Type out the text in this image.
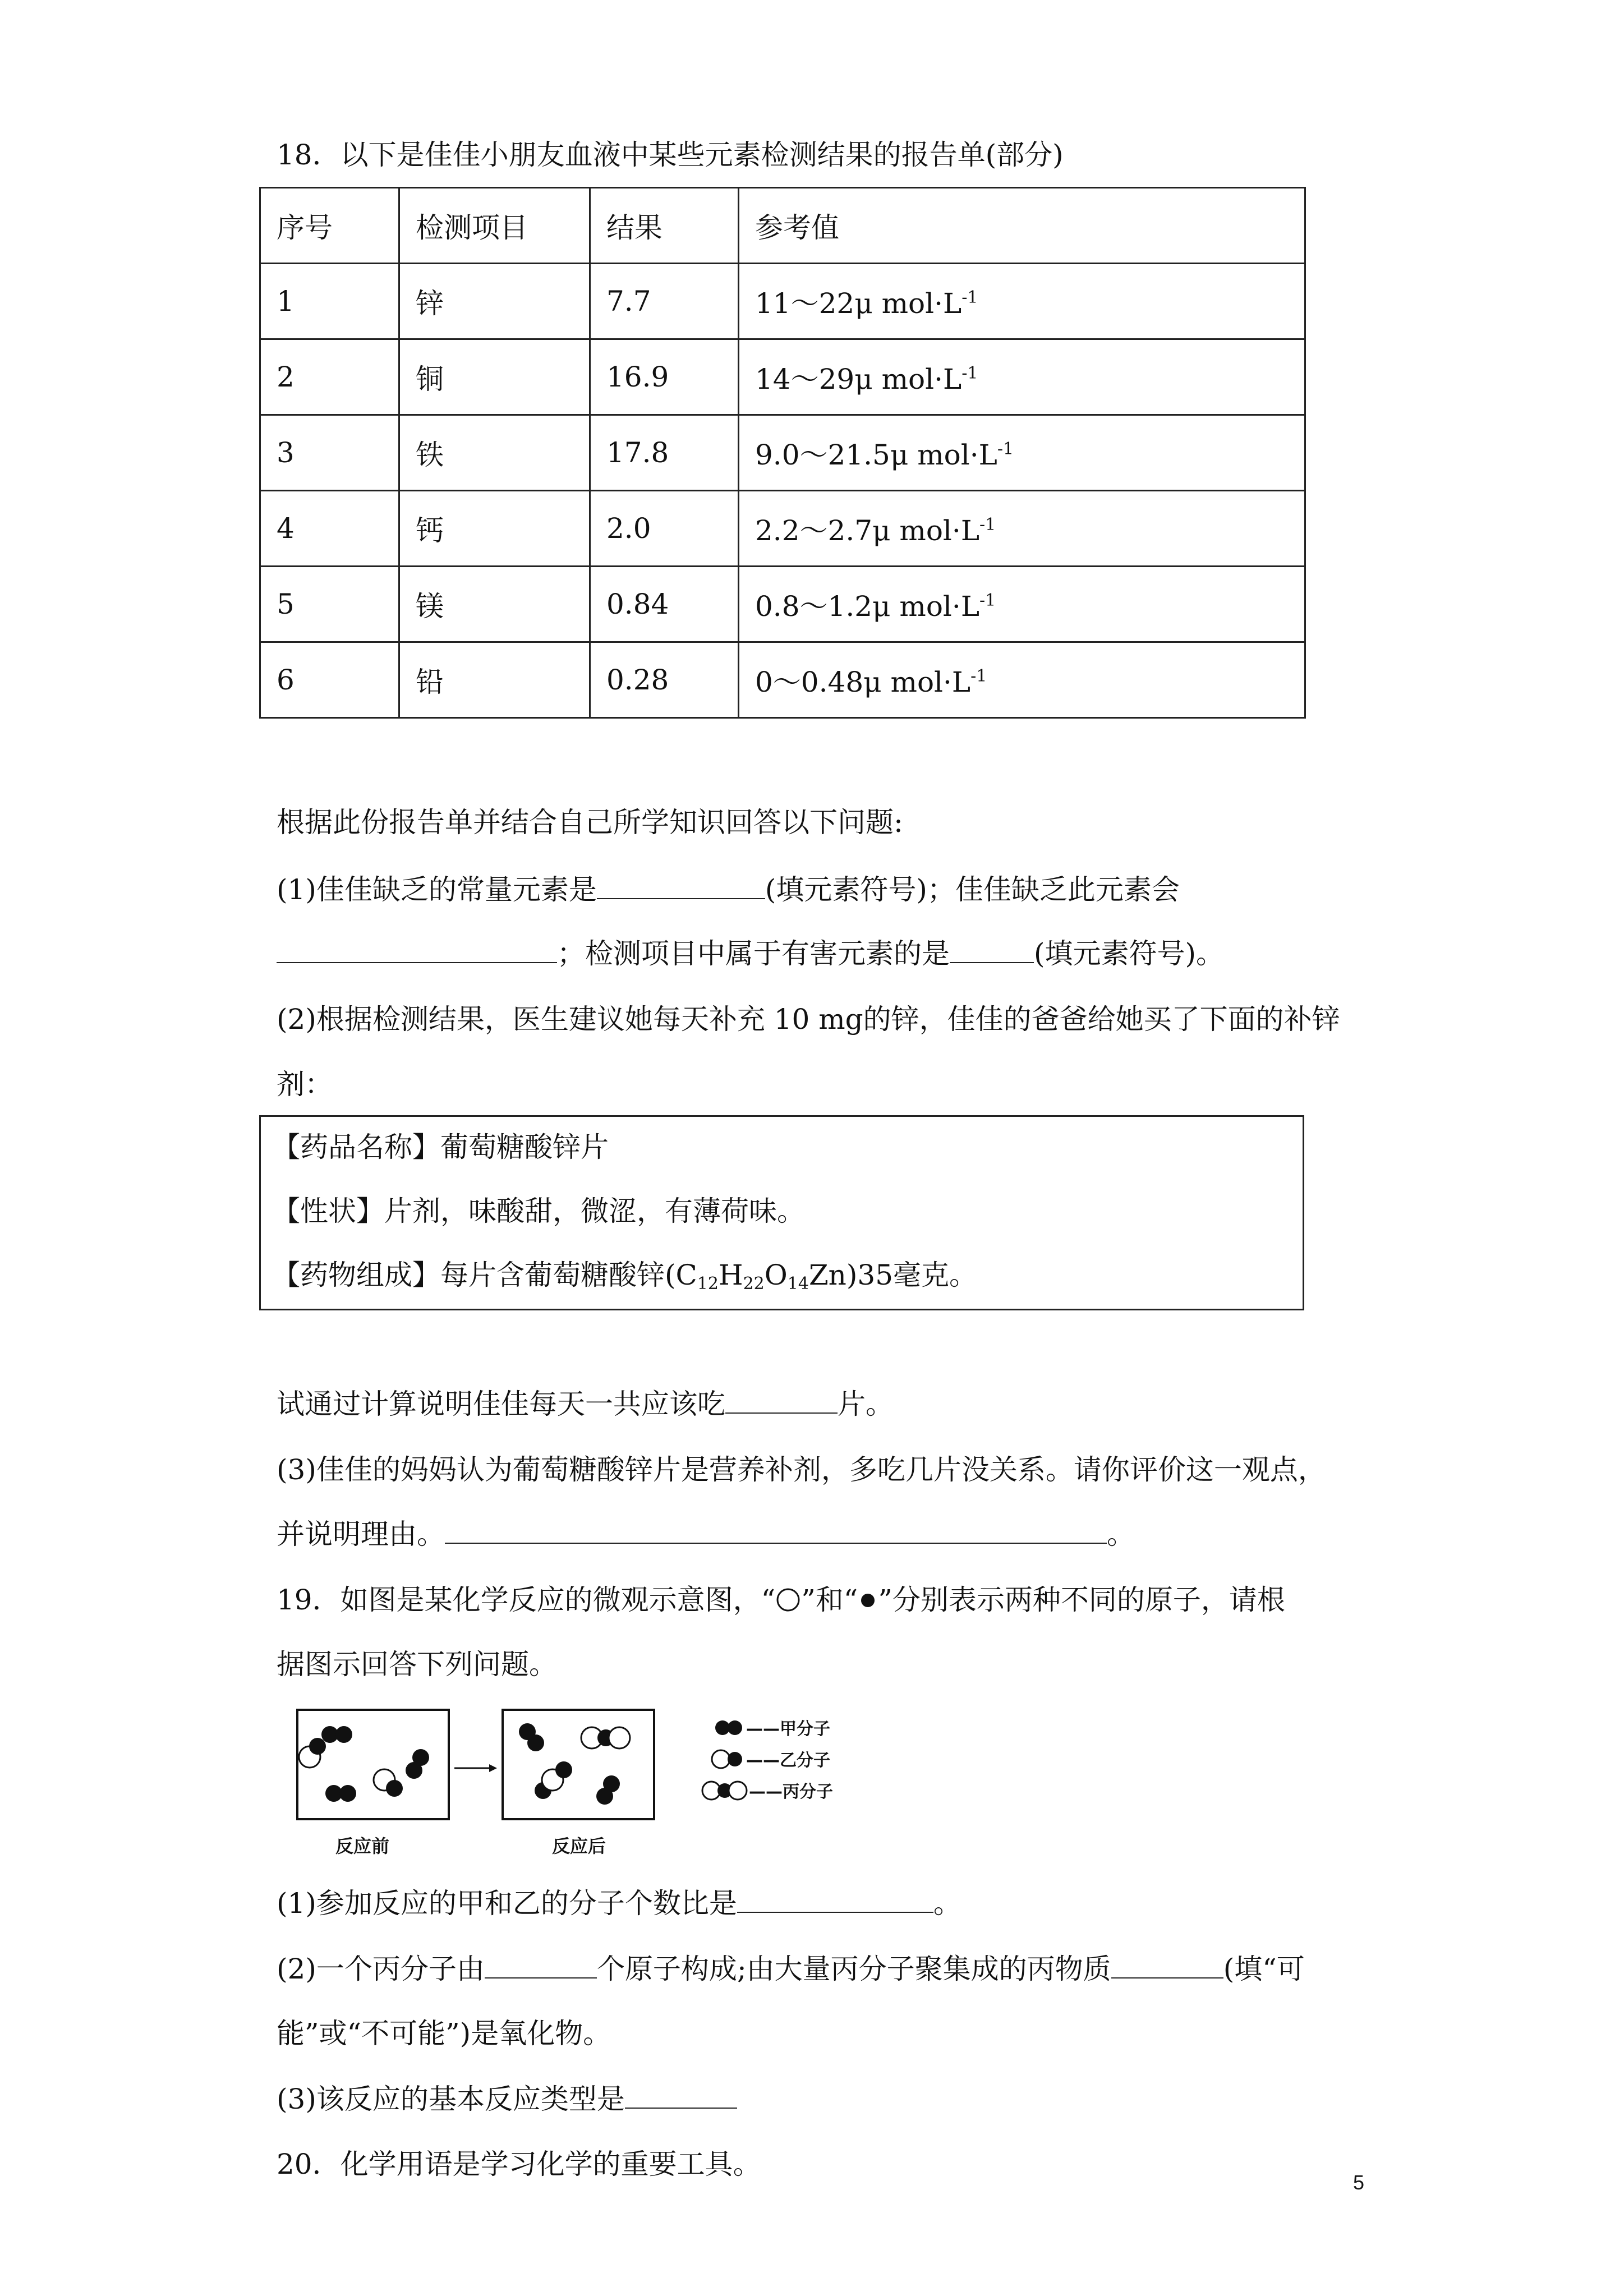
18．以下是佳佳小朋友血液中某些元素检测结果的报告单(部分)
序号	检测项目	结果	参考值
1	锌	7.7	11～22μ $mol\cdot L^{-1}$
2	铜	16.9	14～29μ $mol\cdot L^{-1}$
3	铁	17.8	9.0～21.5μ $mol\cdot L^{-1}$
4	钙	2.0	2.2～2.7μ $mol\cdot L^{-1}$
5	镁	0.84	0.8～1.2μ $mol\cdot L^{-1}$
6	铅	0.28	0～0.48μ $mol\cdot L^{-1}$
根据此份报告单并结合自己所学知识回答以下问题:
(1)佳佳缺乏的常量元素是	(填元素符号)；佳佳缺乏此元素会
；检测项目中属于有害元素的是	(填元素符号)。
(2)根据检测结果，医生建议她每天补充 10 mg的锌，佳佳的爸爸给她买了下面的补锌
剂：
【药品名称】葡萄糖酸锌片
【性状】片剂，味酸甜，微涩，有薄荷味。
【药物组成】每片含葡萄糖酸锌$(C_{12}H_{22}O_{14}Zn)35$毫克。
试通过计算说明佳佳每天一共应该吃	片。
(3)佳佳的妈妈认为葡萄糖酸锌片是营养补剂，多吃几片没关系。请你评价这一观点，
并说明理由。	。
19．如图是某化学反应的微观示意图，“ ”和“ ”分别表示两种不同的原子，请根
据图示回答下列问题。
反应前	反应后
——甲分子
——乙分子
——丙分子
(1)参加反应的甲和乙的分子个数比是	。
(2)一个丙分子由	个原子构成;由大量丙分子聚集成的丙物质	(填“可
能”或“不可能”)是氧化物。
(3)该反应的基本反应类型是
20．化学用语是学习化学的重要工具。
5
